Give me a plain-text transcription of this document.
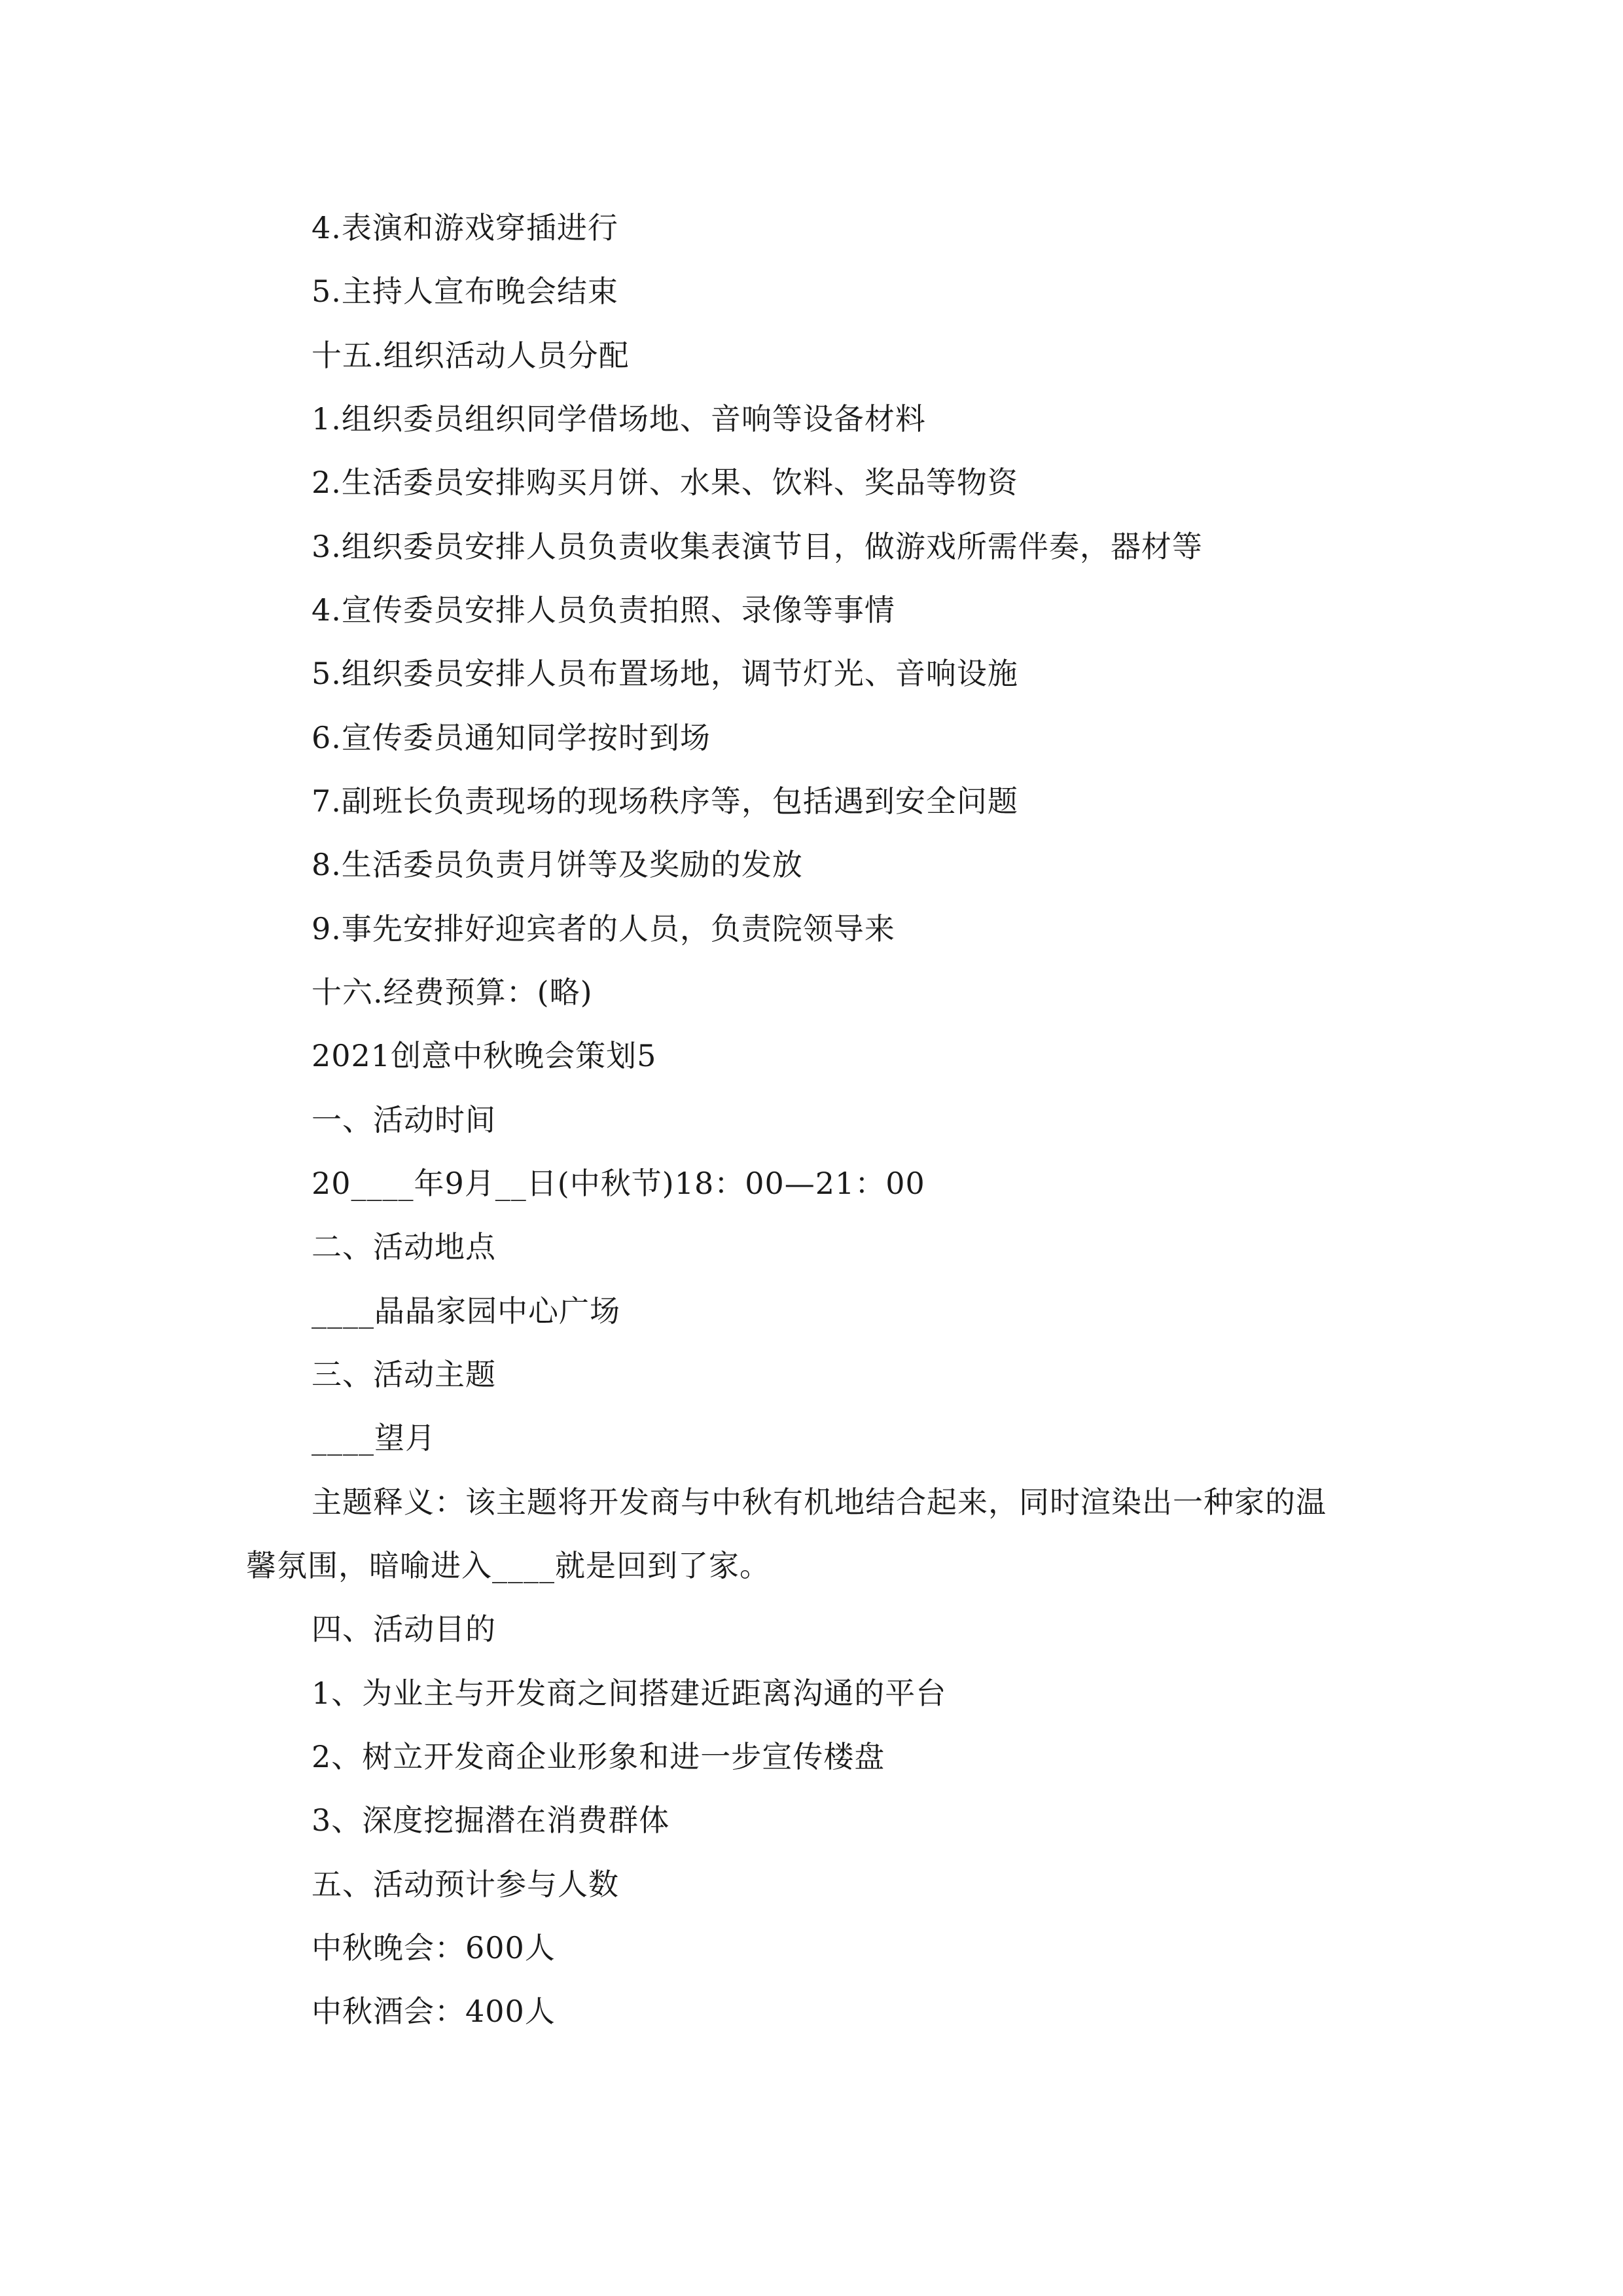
4.表演和游戏穿插进行
5.主持人宣布晚会结束
十五.组织活动人员分配
1.组织委员组织同学借场地、音响等设备材料
2.生活委员安排购买月饼、水果、饮料、奖品等物资
3.组织委员安排人员负责收集表演节目，做游戏所需伴奏，器材等
4.宣传委员安排人员负责拍照、录像等事情
5.组织委员安排人员布置场地，调节灯光、音响设施
6.宣传委员通知同学按时到场
7.副班长负责现场的现场秩序等，包括遇到安全问题
8.生活委员负责月饼等及奖励的发放
9.事先安排好迎宾者的人员，负责院领导来
十六.经费预算：(略)
2021创意中秋晚会策划5
一、活动时间
20____年9月__日(中秋节)18：00—21：00
二、活动地点
____晶晶家园中心广场
三、活动主题
____望月
主题释义：该主题将开发商与中秋有机地结合起来，同时渲染出一种家的温
馨氛围，暗喻进入____就是回到了家。
四、活动目的
1、为业主与开发商之间搭建近距离沟通的平台
2、树立开发商企业形象和进一步宣传楼盘
3、深度挖掘潜在消费群体
五、活动预计参与人数
中秋晚会：600人
中秋酒会：400人
